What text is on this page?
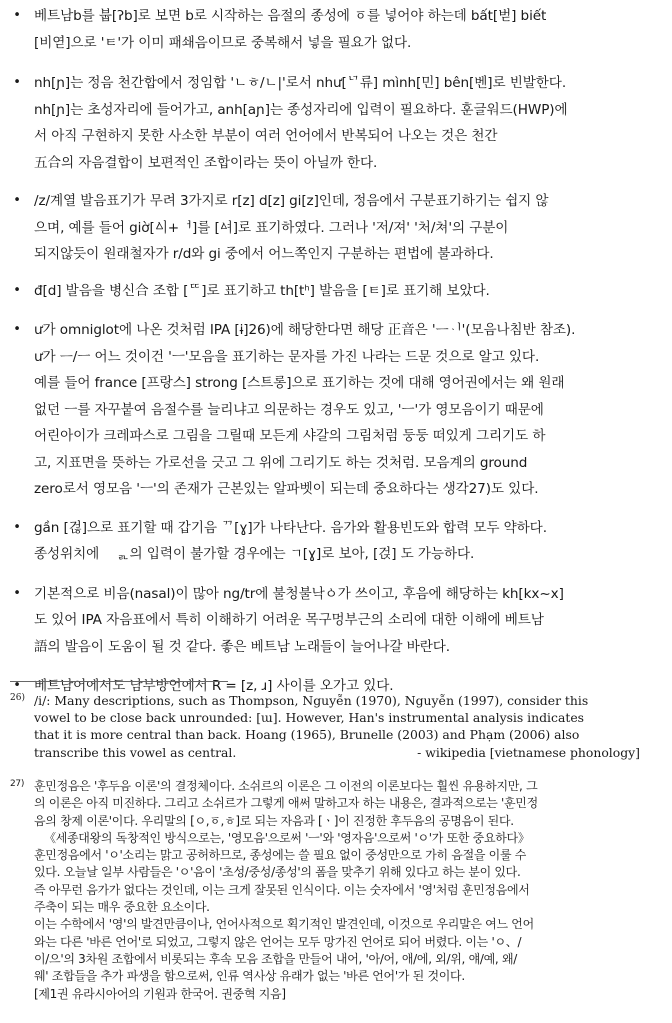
• 베트남b를 붑[ʔb]로 보면 b로 시작하는 음절의 종성에 ㆆ를 넣어야 하는데 bất[벋] biết

[비엳]으로 'ㅌ'가 이미 패쇄음이므로 중복해서 넣을 필요가 없다.

• nh[ɲ]는 정음 천간합에서 정임합 'ㄴㅎ/ㄴ|'로서 như[ᄓ류] mình[민] bên[벤]로 빈발한다.

nh[ɲ]는 초성자리에 들어가고, anh[aɲ]는 종성자리에 입력이 필요하다. 훈글워드(HWP)에

서 아직 구현하지 못한 사소한 부분이 여러 언어에서 반복되어 나오는 것은 천간

五合의 자음결합이 보편적인 조합이라는 뜻이 아닐까 한다.

• /z/계열 발음표기가 무려 3가지로 r[z] d[z] gi[z]인데, 정음에서 구분표기하기는 쉽지 않

으며, 예를 들어 giờ[ᅀᅵ+ᅥ]를 [ᅀᅧ]로 표기하였다. 그러나 '저/져' '처/쳐'의 구분이

되지않듯이 원래철자가 r/d와 gi 중에서 어느쪽인지 구분하는 편법에 불과하다.

• đ[d] 발음을 병신合 조합 [ᄄ]로 표기하고 th[tʰ] 발음을 [ㅌ]로 표기해 보았다.

• ư가 omniglot에 나온 것처럼 IPA [ɨ]26)에 해당한다면 해당 正音은 'ᅳᆡ'(모음나침반 참조).

ư가 ᅳ/ㅡ 어느 것이건 'ㅡ'모음을 표기하는 문자를 가진 나라는 드문 것으로 알고 있다.

예를 들어 france [프랑스] strong [스트롱]으로 표기하는 것에 대해 영어권에서는 왜 원래

없던 ㅡ를 자꾸붙여 음절수를 늘리냐고 의문하는 경우도 있고, 'ㅡ'가 영모음이기 때문에

어린아이가 크레파스로 그림을 그릴때 모든게 샤갈의 그림처럼 둥둥 떠있게 그리기도 하

고, 지표면을 뜻하는 가로선을 긋고 그 위에 그리기도 하는 것처럼. 모음계의 ground

zero로서 영모음 'ㅡ'의 존재가 근본있는 알파벳이 되는데 중요하다는 생각27)도 있다.

• gần [걶]으로 표기할 때 갑기음 ᄁ[ɣ]가 나타난다. 음가와 활용빈도와 합력 모두 약하다.

종성위치에 ᅟᇍ의 입력이 불가할 경우에는 ㄱ[ɣ]로 보아, [걵] 도 가능하다.

• 기본적으로 비음(nasal)이 많아 ng/tr에 불청불낙ㆁ가 쓰이고, 후음에 해당하는 kh[kx~x]

도 있어 IPA 자음표에서 특히 이해하기 어려운 목구멍부근의 소리에 대한 이해에 베트남

語의 발음이 도움이 될 것 같다. 좋은 베트남 노래들이 늘어나갈 바란다.

• 베트남어에서도 남부방언에서 R = [z, ɹ] 사이를 오가고 있다.

26) /i/: Many descriptions, such as Thompson, Nguyễn (1970), Nguyễn (1997), consider this

vowel to be close back unrounded: [ɯ]. However, Han's instrumental analysis indicates

that it is more central than back. Hoang (1965), Brunelle (2003) and Phạm (2006) also

transcribe this vowel as central.	- wikipedia [vietnamese phonology]
27) 훈민정음은 '후두음 이론'의 결정체이다. 소쉬르의 이론은 그 이전의 이론보다는 훨씬 유용하지만, 그

의 이론은 아직 미진하다. 그리고 소쉬르가 그렇게 애써 말하고자 하는 내용은, 결과적으로는 '훈민정

음의 창제 이론'이다. 우리말의 [ㅇ,ㆆ,ㅎ]로 되는 자음과 [ㆍ]이 진정한 후두음의 공명음이 된다.

《세종대왕의 독창적인 방식으로는, '영모음'으로써 'ㅡ'와 '영자음'으로써 'ㅇ'가 또한 중요하다》

훈민정음에서 'ㅇ'소리는 맑고 공허하므로, 종성에는 쓸 필요 없이 중성만으로 가히 음절을 이룰 수

있다. 오늘날 일부 사람들은 'ㅇ'음이 '초성/중성/종성'의 폼을 맞추기 위해 있다고 하는 분이 있다.

즉 아무런 음가가 없다는 것인데, 이는 크게 잘못된 인식이다. 이는 숫자에서 '영'처럼 훈민정음에서

주축이 되는 매우 중요한 요소이다.

이는 수학에서 '영'의 발견만큼이나, 언어사적으로 획기적인 발견인데, 이것으로 우리말은 여느 언어

와는 다른 '바른 언어'로 되었고, 그렇지 않은 언어는 모두 망가진 언어로 되어 버렸다. 이는 'ㅇ、/

이/으'의 3차원 조합에서 비롯되는 후속 모음 조합을 만들어 내어, '아/어, 애/에, 외/위, 얘/예, 왜/

웨' 조합들을 추가 파생을 함으로써, 인류 역사상 유래가 없는 '바른 언어'가 된 것이다.

[제1권 유라시아어의 기원과 한국어. 권중혁 지음]
